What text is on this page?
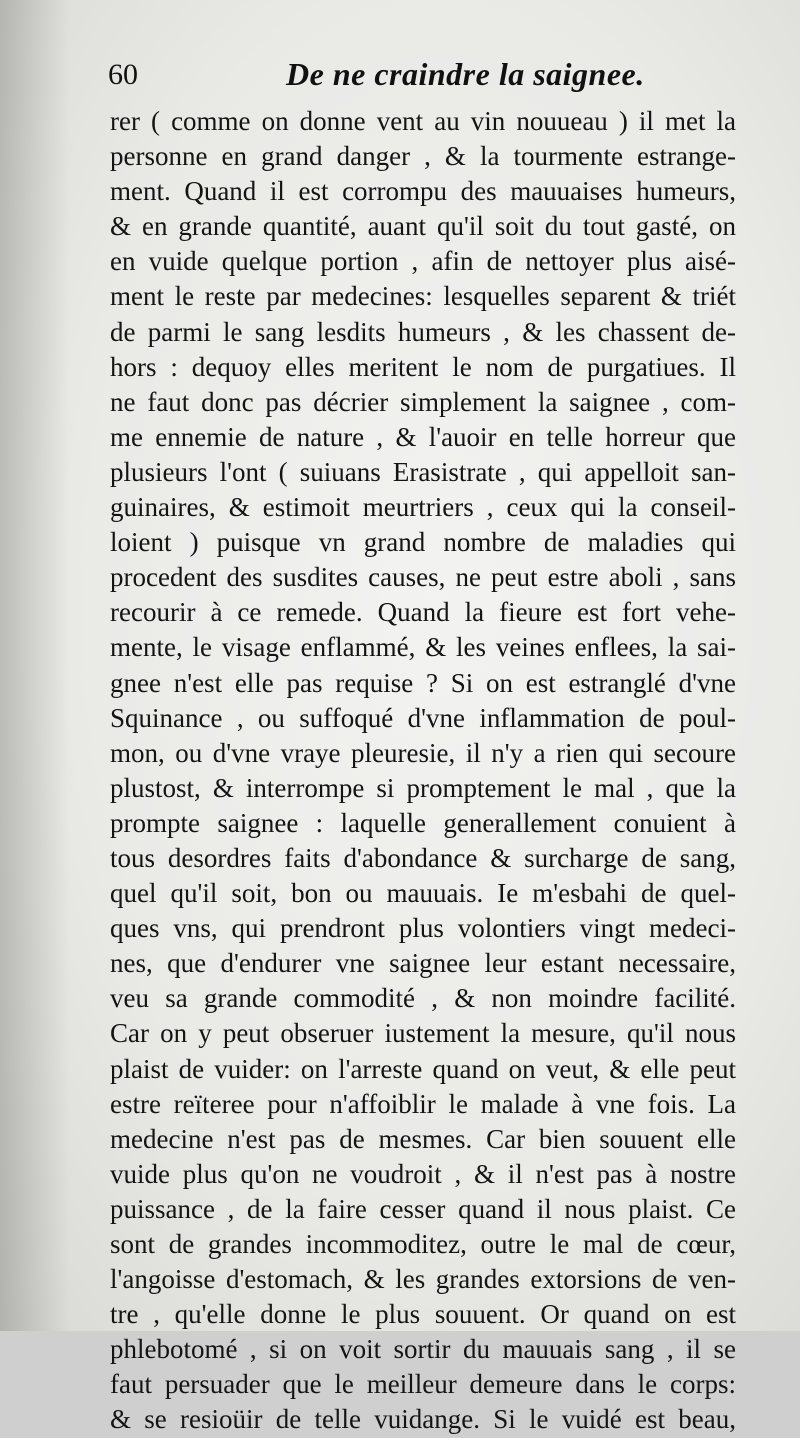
60	De ne craindre la saignee.
rer ( comme on donne vent au vin nouueau ) il met la
personne en grand danger , & la tourmente estrange-
ment. Quand il est corrompu des mauuaises humeurs,
& en grande quantité, auant qu'il soit du tout gasté, on
en vuide quelque portion , afin de nettoyer plus aisé-
ment le reste par medecines: lesquelles separent & triét
de parmi le sang lesdits humeurs , & les chassent de-
hors : dequoy elles meritent le nom de purgatiues. Il
ne faut donc pas décrier simplement la saignee , com-
me ennemie de nature , & l'auoir en telle horreur que
plusieurs l'ont ( suiuans Erasistrate , qui appelloit san-
guinaires, & estimoit meurtriers , ceux qui la conseil-
loient ) puisque vn grand nombre de maladies qui
procedent des susdites causes, ne peut estre aboli , sans
recourir à ce remede. Quand la fieure est fort vehe-
mente, le visage enflammé, & les veines enflees, la sai-
gnee n'est elle pas requise ? Si on est estranglé d'vne
Squinance , ou suffoqué d'vne inflammation de poul-
mon, ou d'vne vraye pleuresie, il n'y a rien qui secoure
plustost, & interrompe si promptement le mal , que la
prompte saignee : laquelle generallement conuient à
tous desordres faits d'abondance & surcharge de sang,
quel qu'il soit, bon ou mauuais. Ie m'esbahi de quel-
ques vns, qui prendront plus volontiers vingt medeci-
nes, que d'endurer vne saignee leur estant necessaire,
veu sa grande commodité , & non moindre facilité.
Car on y peut obseruer iustement la mesure, qu'il nous
plaist de vuider: on l'arreste quand on veut, & elle peut
estre reïteree pour n'affoiblir le malade à vne fois. La
medecine n'est pas de mesmes. Car bien souuent elle
vuide plus qu'on ne voudroit , & il n'est pas à nostre
puissance , de la faire cesser quand il nous plaist. Ce
sont de grandes incommoditez, outre le mal de cœur,
l'angoisse d'estomach, & les grandes extorsions de ven-
tre , qu'elle donne le plus souuent. Or quand on est
phlebotomé , si on voit sortir du mauuais sang , il se
faut persuader que le meilleur demeure dans le corps:
& se resioüir de telle vuidange. Si le vuidé est beau,
